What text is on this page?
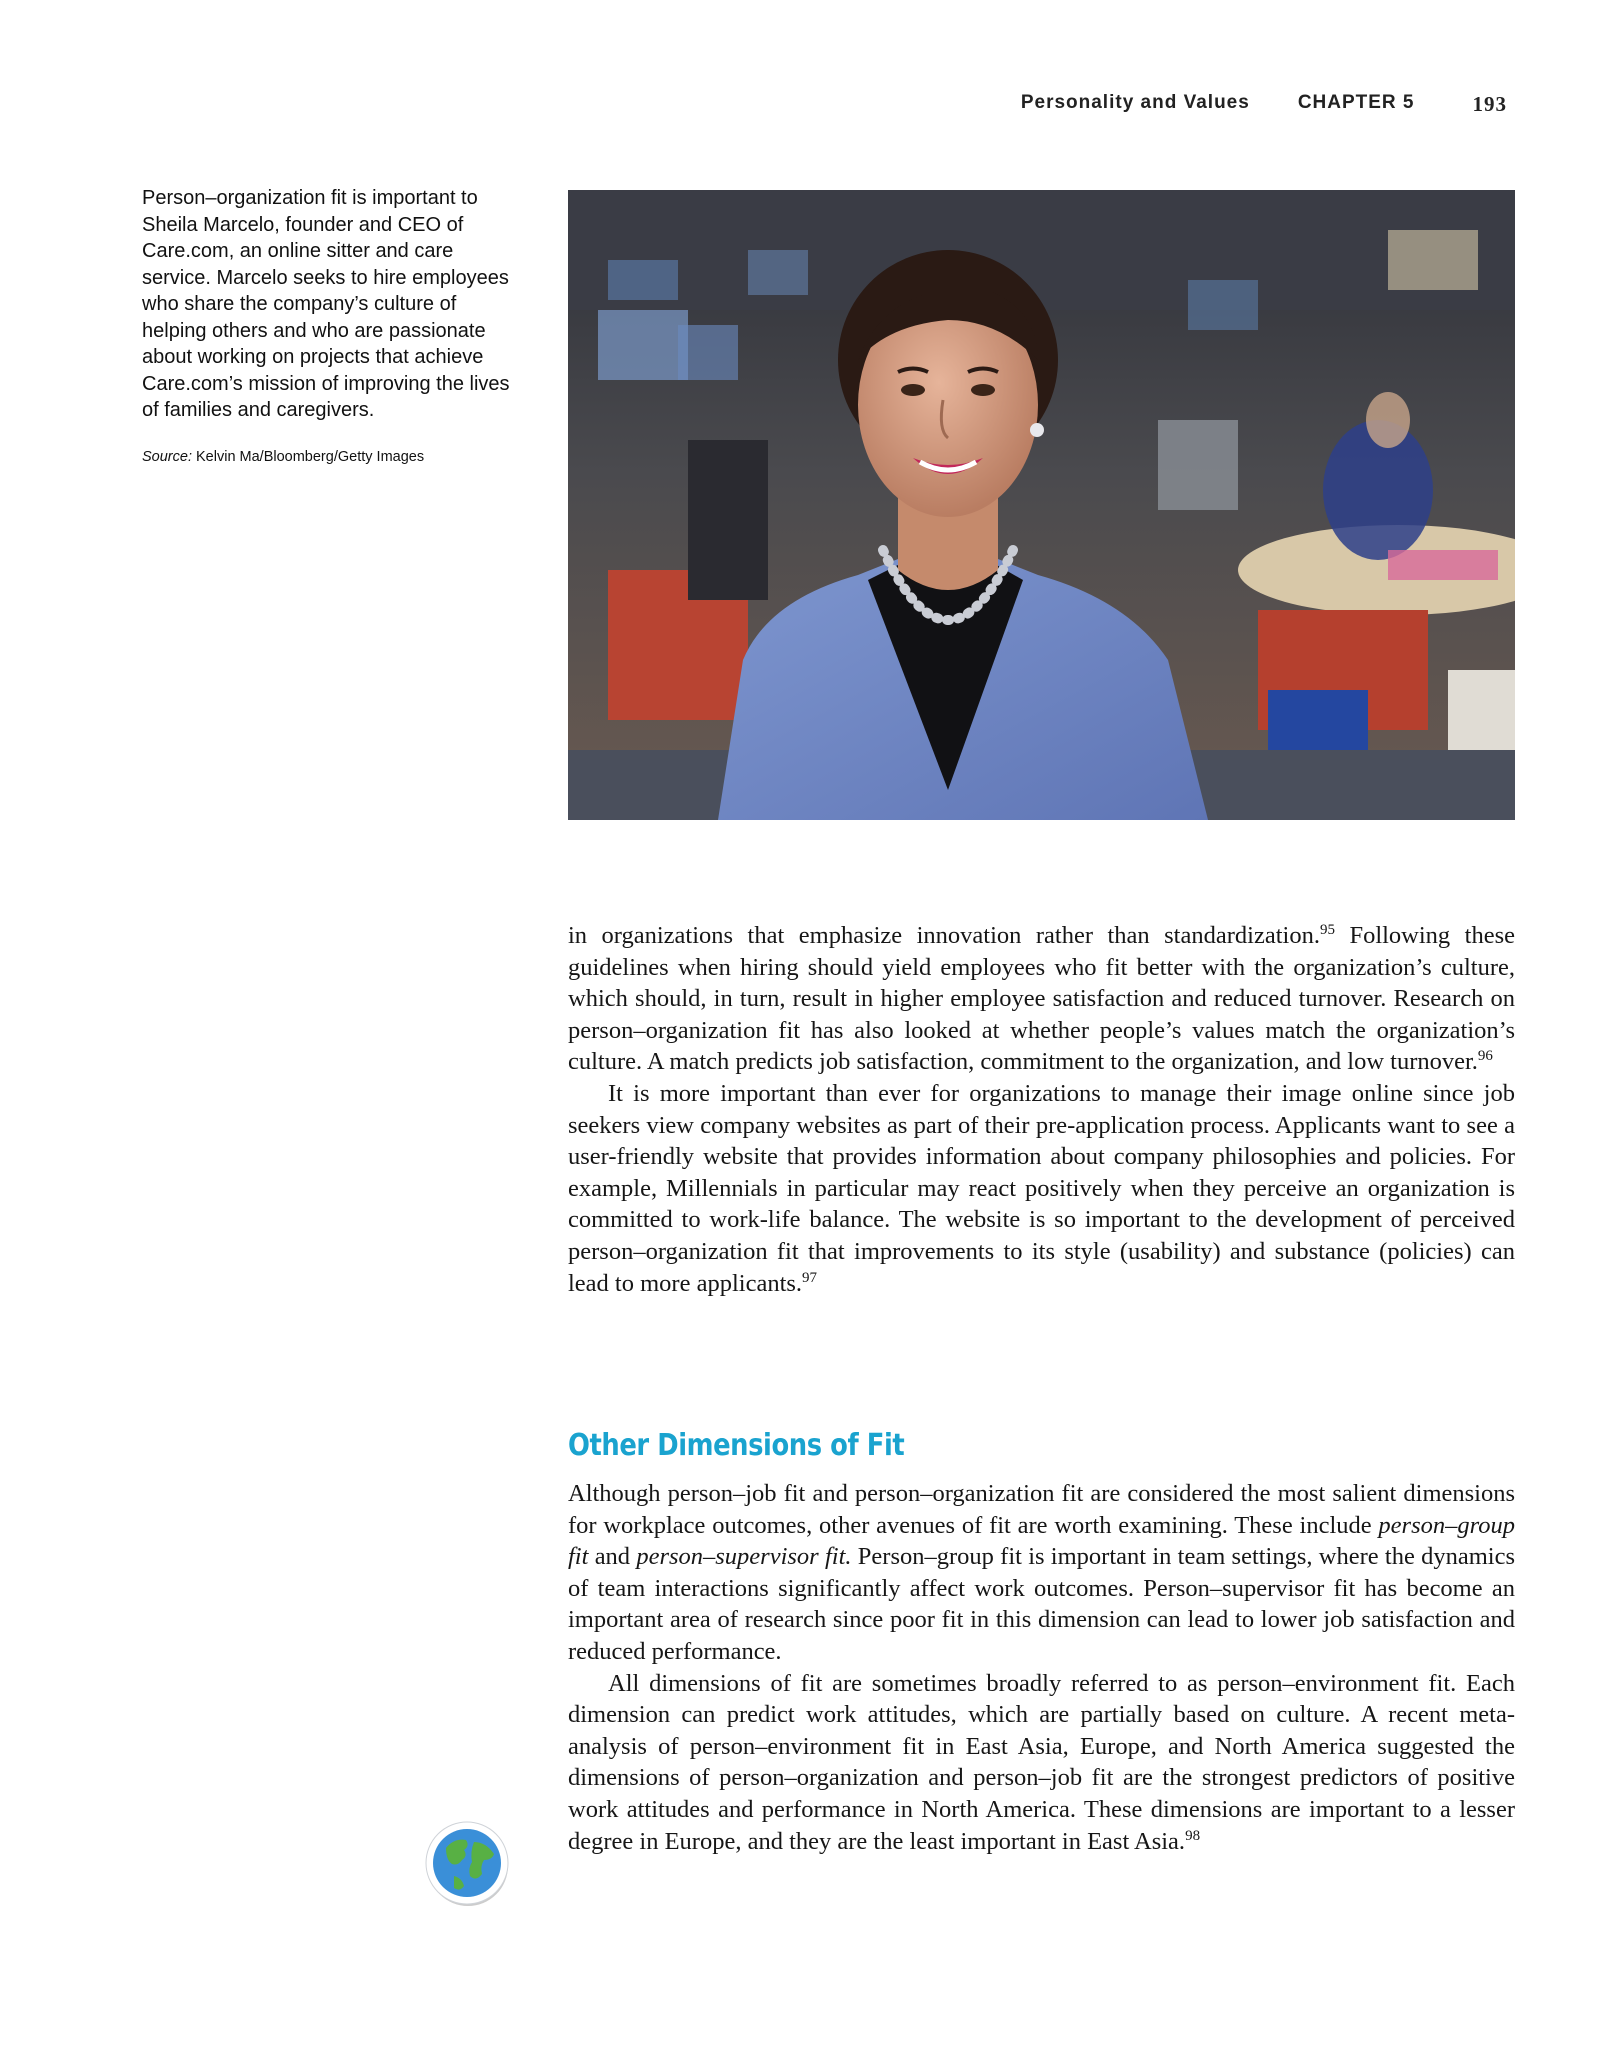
Personality and Values	CHAPTER 5	193
Person–organization fit is important to Sheila Marcelo, founder and CEO of Care.com, an online sitter and care service. Marcelo seeks to hire employees who share the company’s culture of helping others and who are passionate about working on projects that achieve Care.com’s mission of improving the lives of families and caregivers.
Source: Kelvin Ma/Bloomberg/Getty Images

in organizations that emphasize innovation rather than standardization.$^{95}$ Following these guidelines when hiring should yield employees who fit better with the organization’s culture, which should, in turn, result in higher employee satisfaction and reduced turnover. Research on person–organization fit has also looked at whether people’s values match the organization’s culture. A match predicts job satisfaction, commitment to the organization, and low turnover.$^{96}$

It is more important than ever for organizations to manage their image online since job seekers view company websites as part of their pre-application process. Applicants want to see a user-friendly website that provides information about company philosophies and policies. For example, Millennials in particular may react positively when they perceive an organization is committed to work-life balance. The website is so important to the development of perceived person–organization fit that improvements to its style (usability) and substance (policies) can lead to more applicants.$^{97}$

Other Dimensions of Fit

Although person–job fit and person–organization fit are considered the most salient dimensions for workplace outcomes, other avenues of fit are worth examining. These include person–group fit and person–supervisor fit. Person–group fit is important in team settings, where the dynamics of team interactions significantly affect work outcomes. Person–supervisor fit has become an important area of research since poor fit in this dimension can lead to lower job satisfaction and reduced performance.

All dimensions of fit are sometimes broadly referred to as person–environment fit. Each dimension can predict work attitudes, which are partially based on culture. A recent meta-analysis of person–environment fit in East Asia, Europe, and North America suggested the dimensions of person–organization and person–job fit are the strongest predictors of positive work attitudes and performance in North America. These dimensions are important to a lesser degree in Europe, and they are the least important in East Asia.$^{98}$
